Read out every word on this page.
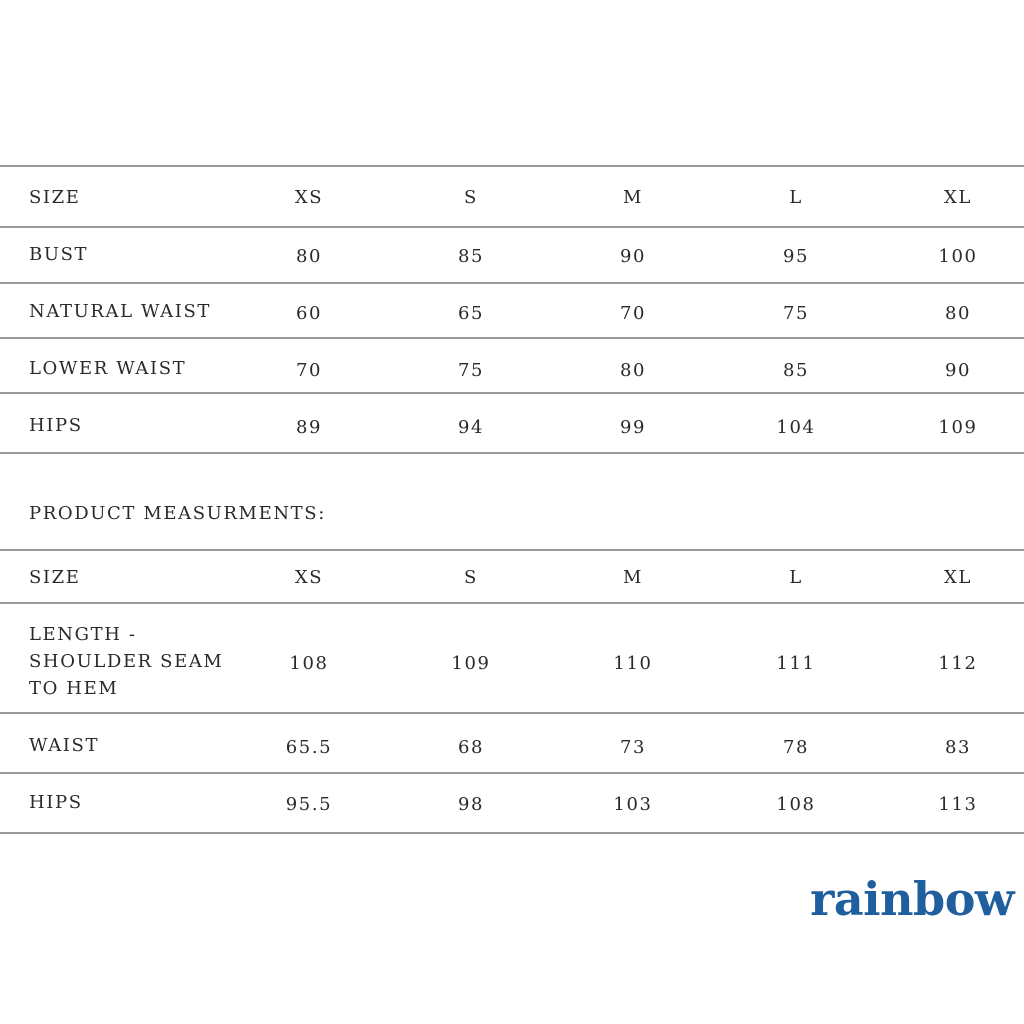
SIZE	XS	S	M	L	XL
BUST	80	85	90	95	100
NATURAL WAIST	60	65	70	75	80
LOWER WAIST	70	75	80	85	90
HIPS	89	94	99	104	109
PRODUCT MEASURMENTS:
SIZE	XS	S	M	L	XL
LENGTH -
SHOULDER SEAM
TO HEM
108	109	110	111	112
WAIST	65.5	68	73	78	83
HIPS	95.5	98	103	108	113
rainbow
